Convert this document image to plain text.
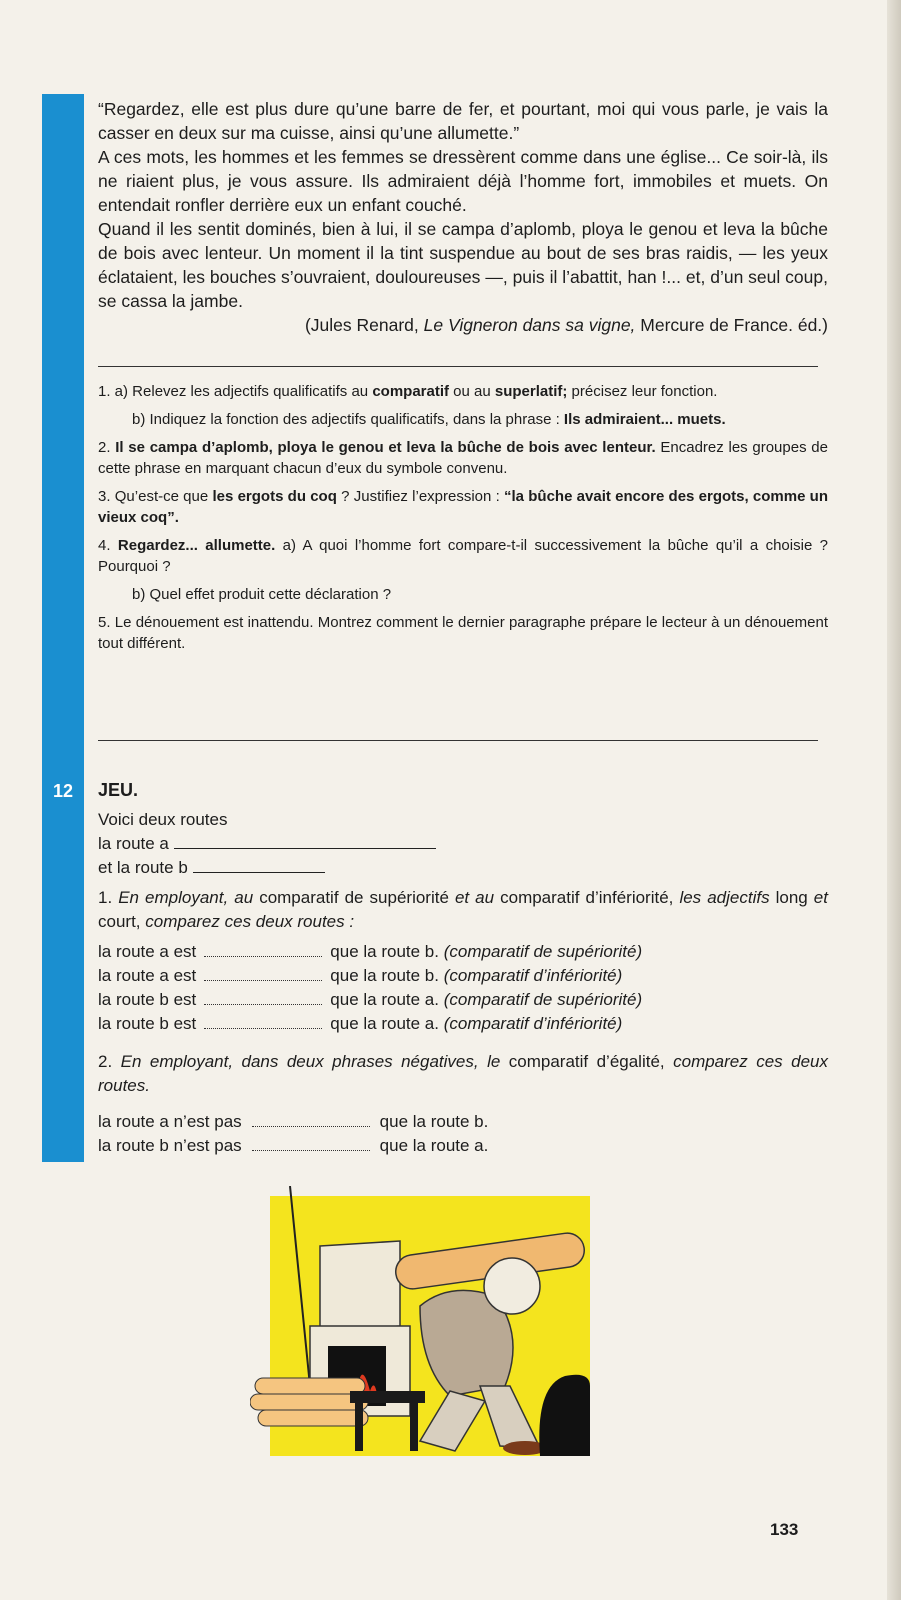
12

“Regardez, elle est plus dure qu’une barre de fer, et pourtant, moi qui vous parle, je vais la casser en deux sur ma cuisse, ainsi qu’une allumette.”

A ces mots, les hommes et les femmes se dressèrent comme dans une église... Ce soir-là, ils ne riaient plus, je vous assure. Ils admiraient déjà l’homme fort, immobiles et muets. On entendait ronfler derrière eux un enfant couché.

Quand il les sentit dominés, bien à lui, il se campa d’aplomb, ploya le genou et leva la bûche de bois avec lenteur. Un moment il la tint suspendue au bout de ses bras raidis, — les yeux éclataient, les bouches s’ouvraient, douloureuses —, puis il l’abattit, han !... et, d’un seul coup, se cassa la jambe.

(Jules Renard, Le Vigneron dans sa vigne, Mercure de France. éd.)

1. a) Relevez les adjectifs qualificatifs au comparatif ou au superlatif; précisez leur fonction.

b) Indiquez la fonction des adjectifs qualificatifs, dans la phrase : Ils admiraient... muets.

2. Il se campa d’aplomb, ploya le genou et leva la bûche de bois avec lenteur. Encadrez les groupes de cette phrase en marquant chacun d’eux du symbole convenu.

3. Qu’est-ce que les ergots du coq ? Justifiez l’expression : “la bûche avait encore des ergots, comme un vieux coq”.

4. Regardez... allumette. a) A quoi l’homme fort compare-t-il successivement la bûche qu’il a choisie ? Pourquoi ?

b) Quel effet produit cette déclaration ?

5. Le dénouement est inattendu. Montrez comment le dernier paragraphe prépare le lecteur à un dénouement tout différent.

JEU.
Voici deux routes
la route a
et la route b

1. En employant, au comparatif de supériorité et au comparatif d’infériorité, les adjectifs long et court, comparez ces deux routes :

la route a est	que la route b. (comparatif de supériorité)
la route a est	que la route b. (comparatif d’infériorité)
la route b est	que la route a. (comparatif de supériorité)
la route b est	que la route a. (comparatif d’infériorité)

2. En employant, dans deux phrases négatives, le comparatif d’égalité, comparez ces deux routes.

la route a n’est pas	que la route b.
la route b n’est pas	que la route a.
133
